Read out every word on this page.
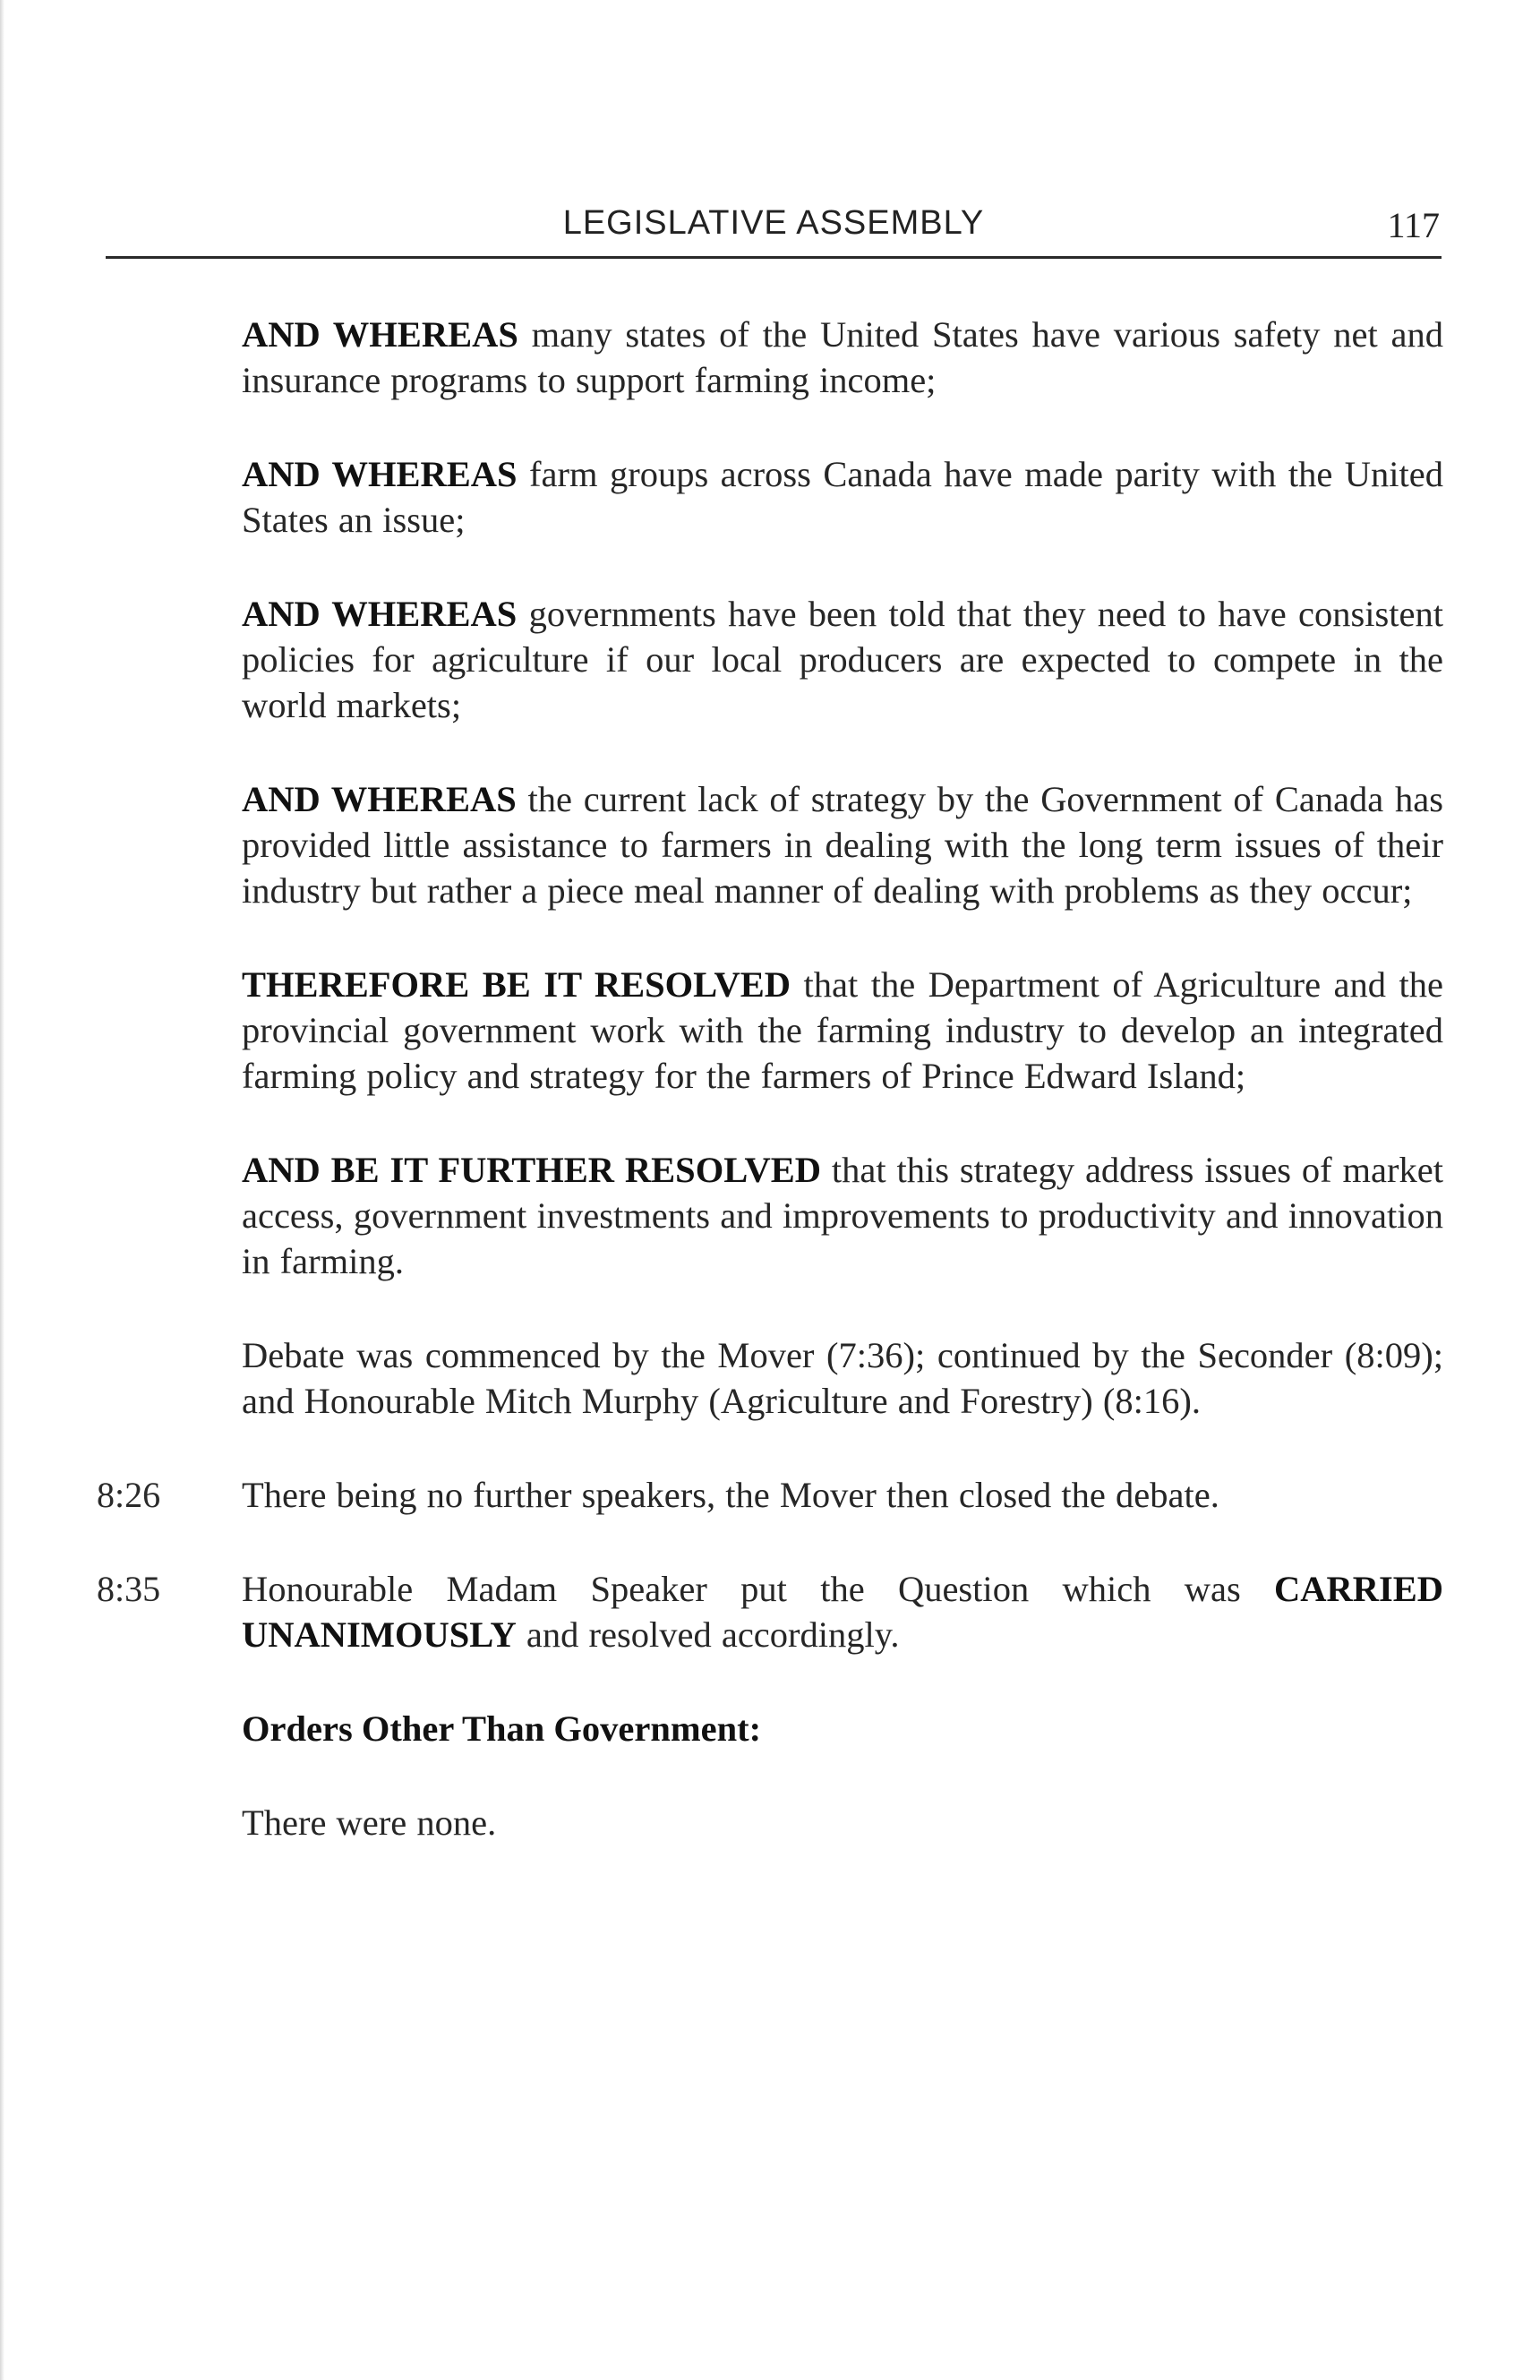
LEGISLATIVE ASSEMBLY	117

AND WHEREAS many states of the United States have various safety net and insurance programs to support farming income;

AND WHEREAS farm groups across Canada have made parity with the United States an issue;

AND WHEREAS governments have been told that they need to have consistent policies for agriculture if our local producers are expected to compete in the world markets;

AND WHEREAS the current lack of strategy by the Government of Canada has provided little assistance to farmers in dealing with the long term issues of their industry but rather a piece meal manner of dealing with problems as they occur;

THEREFORE BE IT RESOLVED that the Department of Agriculture and the provincial government work with the farming industry to develop an integrated farming policy and strategy for the farmers of Prince Edward Island;

AND BE IT FURTHER RESOLVED that this strategy address issues of market access, government investments and improvements to productivity and innovation in farming.

Debate was commenced by the Mover (7:36); continued by the Seconder (8:09); and Honourable Mitch Murphy (Agriculture and Forestry) (8:16).

8:26 There being no further speakers, the Mover then closed the debate.

8:35 Honourable Madam Speaker put the Question which was CARRIED UNANIMOUSLY and resolved accordingly.

Orders Other Than Government:

There were none.
